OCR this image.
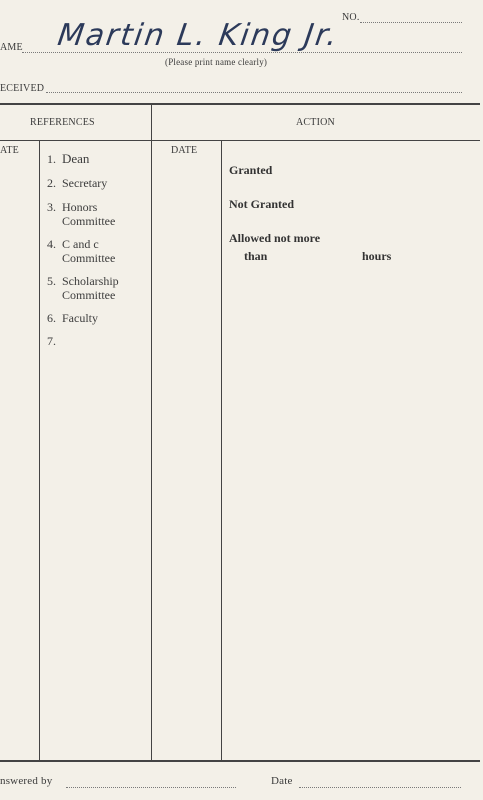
NO.
AME Martin L. King Jr.
(Please print name clearly)
ECEIVED
REFERENCES	ACTION
ATE	DATE
1. Dean
2. Secretary
3. Honors
Committee
4. C and c
Committee
5. Scholarship
Committee
6. Faculty
7.
Granted
Not Granted
Allowed not more
than	hours
nswered by	Date
